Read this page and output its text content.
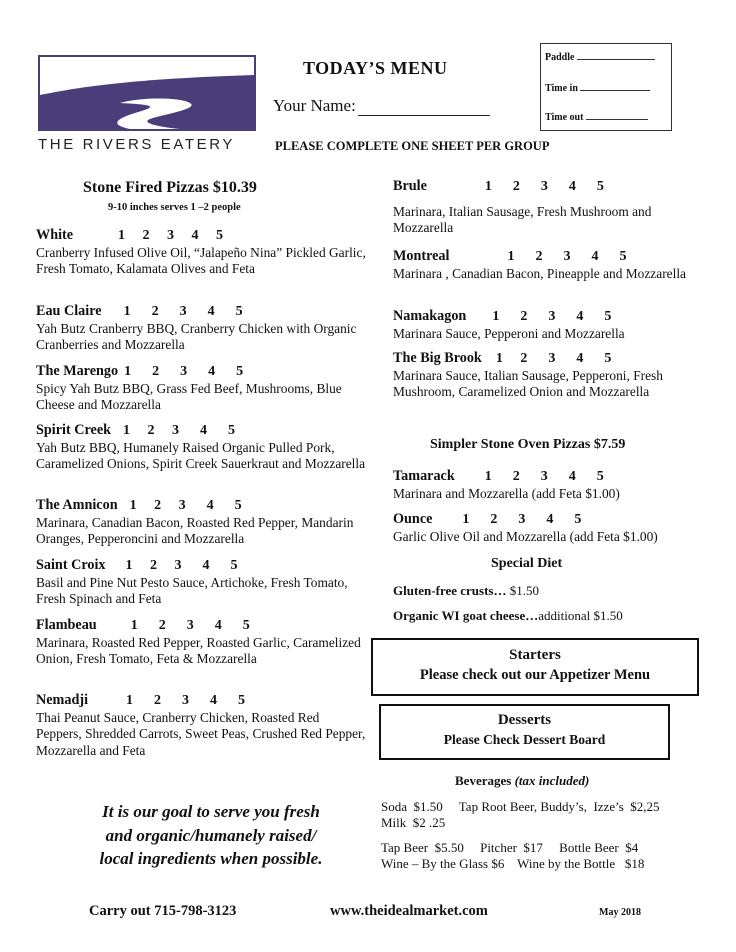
THE RIVERS EATERY
TODAY’S MENU
Your Name:
PLEASE COMPLETE ONE SHEET PER GROUP
Paddle
Time in
Time out
Stone Fired Pizzas $10.39
9-10 inches serves 1 –2 people
White	1     2     3     4     5
Cranberry Infused Olive Oil, “Jalapeño Nina” Pickled Garlic, Fresh Tomato, Kalamata Olives and Feta
Eau Claire 1      2      3      4      5
Yah Butz Cranberry BBQ, Cranberry Chicken with Organic Cranberries and Mozzarella
The Marengo 1      2      3      4      5
Spicy Yah Butz BBQ, Grass Fed Beef, Mushrooms, Blue Cheese and Mozzarella
Spirit Creek 1     2     3      4      5
Yah Butz BBQ, Humanely Raised Organic Pulled Pork, Caramelized Onions, Spirit Creek Sauerkraut and Mozzarella
The Amnicon 1     2     3      4      5
Marinara, Canadian Bacon, Roasted Red Pepper, Mandarin Oranges, Pepperoncini and Mozzarella
Saint Croix 1     2     3      4      5
Basil and Pine Nut Pesto Sauce, Artichoke, Fresh Tomato, Fresh Spinach and Feta
Flambeau 1      2      3      4      5
Marinara, Roasted Red Pepper, Roasted Garlic, Caramelized Onion, Fresh Tomato, Feta & Mozzarella
Nemadji	1      2      3      4      5
Thai Peanut Sauce, Cranberry Chicken, Roasted Red Peppers, Shredded Carrots, Sweet Peas, Crushed Red Pepper, Mozzarella and Feta
Brule	1      2      3      4      5

Marinara, Italian Sausage, Fresh Mushroom and Mozzarella
Montreal	1      2      3      4      5
Marinara , Canadian Bacon, Pineapple and Mozzarella
Namakagon 1      2      3      4      5
Marinara Sauce, Pepperoni and Mozzarella
The Big Brook 1     2      3      4      5
Marinara Sauce, Italian Sausage, Pepperoni, Fresh Mushroom, Caramelized Onion and Mozzarella
Simpler Stone Oven Pizzas $7.59
Tamarack 1      2      3      4      5
Marinara and Mozzarella (add Feta $1.00)
Ounce 1      2      3      4      5
Garlic Olive Oil and Mozzarella (add Feta $1.00)
Special Diet
Gluten-free crusts… $1.50
Organic WI goat cheese…additional $1.50
Starters
Please check out our Appetizer Menu
Desserts
Please Check Dessert Board
Beverages (tax included)
Soda  $1.50     Tap Root Beer, Buddy’s,  Izze’s  $2,25
Milk  $2 .25
Tap Beer  $5.50     Pitcher  $17     Bottle Beer  $4
Wine – By the Glass $6    Wine by the Bottle   $18
It is our goal to serve you fresh
and organic/humanely raised/
local ingredients when possible.
Carry out 715-798-3123	www.theidealmarket.com	May 2018
